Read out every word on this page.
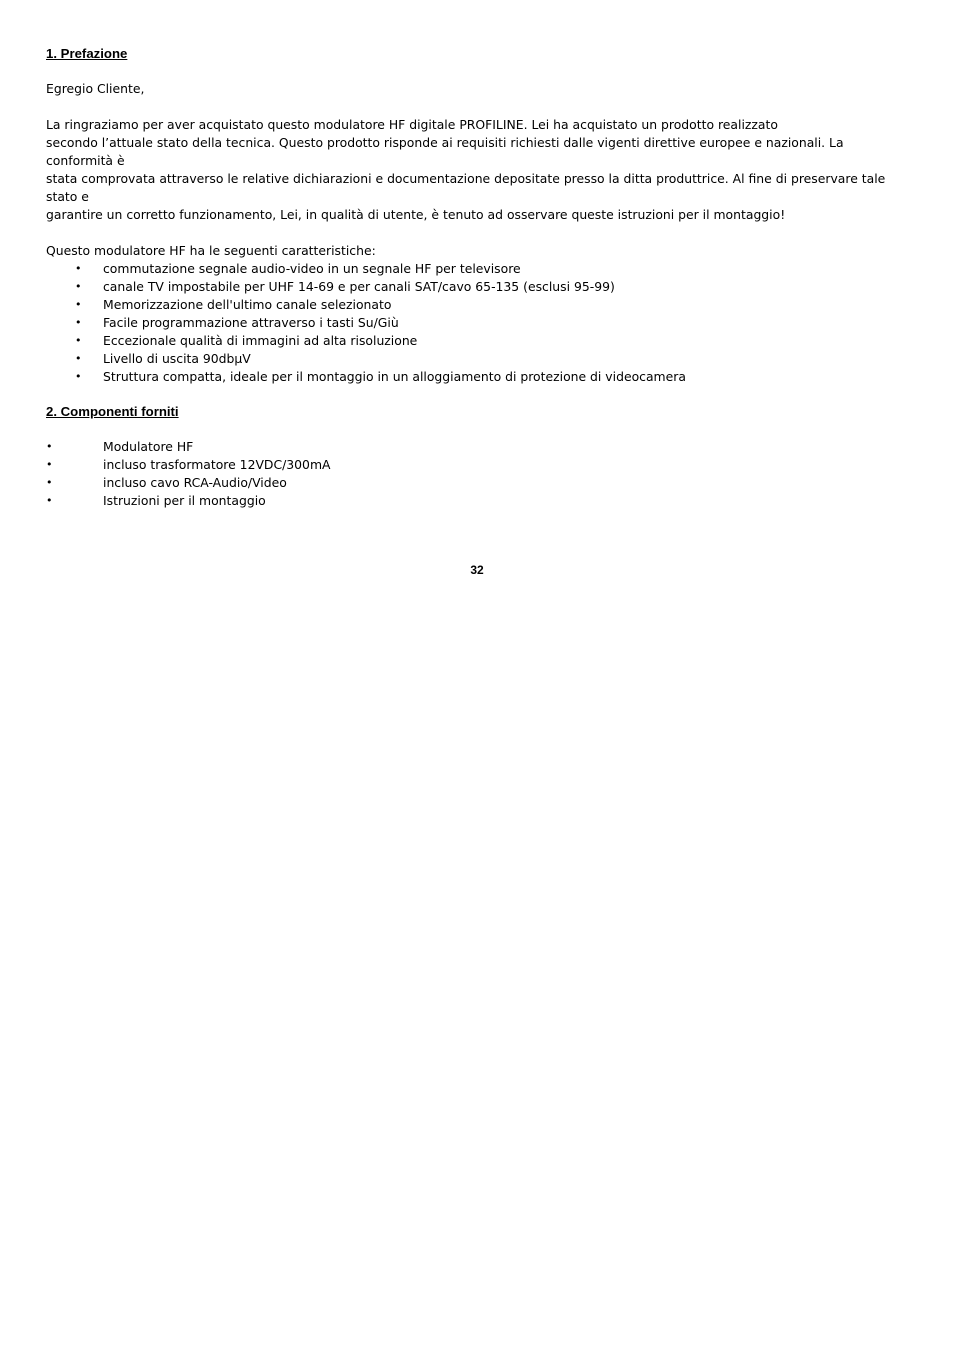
1. Prefazione

Egregio Cliente,

La ringraziamo per aver acquistato questo modulatore HF digitale PROFILINE. Lei ha acquistato un prodotto realizzato
secondo l’attuale stato della tecnica. Questo prodotto risponde ai requisiti richiesti dalle vigenti direttive europee e nazionali. La conformità è
stata comprovata attraverso le relative dichiarazioni e documentazione depositate presso la ditta produttrice. Al fine di preservare tale stato e
garantire un corretto funzionamento, Lei, in qualità di utente, è tenuto ad osservare queste istruzioni per il montaggio!

Questo modulatore HF ha le seguenti caratteristiche:

• commutazione segnale audio-video in un segnale HF per televisore
• canale TV impostabile per UHF 14-69 e per canali SAT/cavo 65-135 (esclusi 95-99)
• Memorizzazione dell'ultimo canale selezionato
• Facile programmazione attraverso i tasti Su/Giù
• Eccezionale qualità di immagini ad alta risoluzione
• Livello di uscita 90dbμV
• Struttura compatta, ideale per il montaggio in un alloggiamento di protezione di videocamera
2. Componenti forniti
•	Modulatore HF
•	incluso trasformatore 12VDC/300mA
•	incluso cavo RCA-Audio/Video
•	Istruzioni per il montaggio
32
